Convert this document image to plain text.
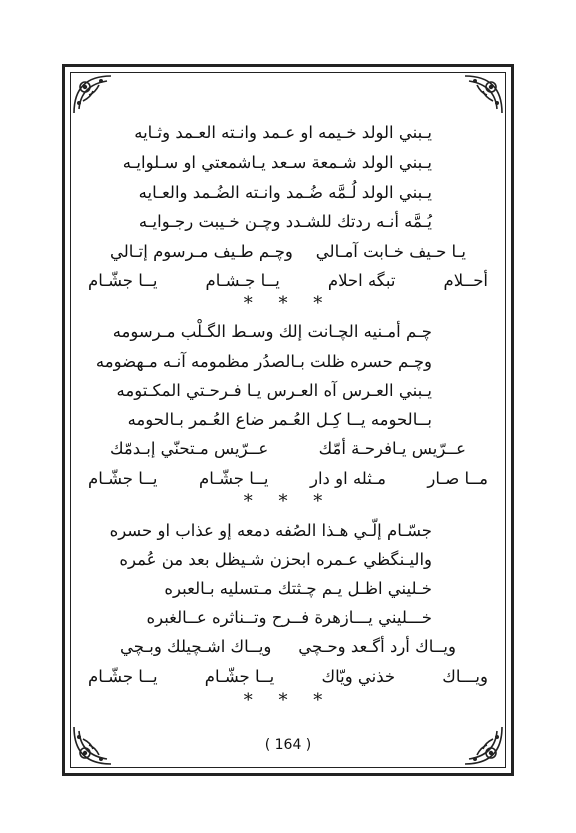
يـبني الولد خـيمه او عـمد وانـته العـمد وثـايه
يـبني الولد شـمعة سـعد يـاشمعتي او سـلوايـه
يـبني الولد لُـمَّه ضُـمد وانـته الضُـمد والعـايه
يُـمَّه أنـه ردتك للشـدد وچـن خـيبت رجـوايـه
يـا حـيف خـابت آمـالي
وچـم طـيف مـرسوم إتـالي
أحــلام
تبگه احلام
يــا جـشـام
يــا جشّـام
* * *
چـم أمـنيه الچـانت إلك وسـط الگـلْب مـرسومه
وچـم حسره ظلت بـالصدُر مظمومه آنـه مـهضومه
يـبني العـرس آه العـرس يـا فـرحـتي المكـتومه
بــالحومه يــا كِـل العُـمر ضاع العُـمر بـالحومه
عــرّيس يـافرحـة أمّك
عــرّيس مـتحنّي إبـدمّك
مــا صـار
مـثله او دار
يــا جشّـام
يــا جشّـام
* * *
جسّـام إلّـي هـذا الصُفه دمعه إو عذاب او حسره
واليـنگظي عـمره ابحزن شـيظل بعد من عُمره
خـليني اظـل يـم چـثتك مـتسليه بـالعبره
خـــليني يـــازهرة فــرح وتــناثره عــالغبره
ويــاك أرد أگـعد وحـچي
ويــاك اشـچيلك وبـچي
ويـــاك
خذني ويّاك
يــا جشّـام
يــا جشّـام
* * *
( 164 )
